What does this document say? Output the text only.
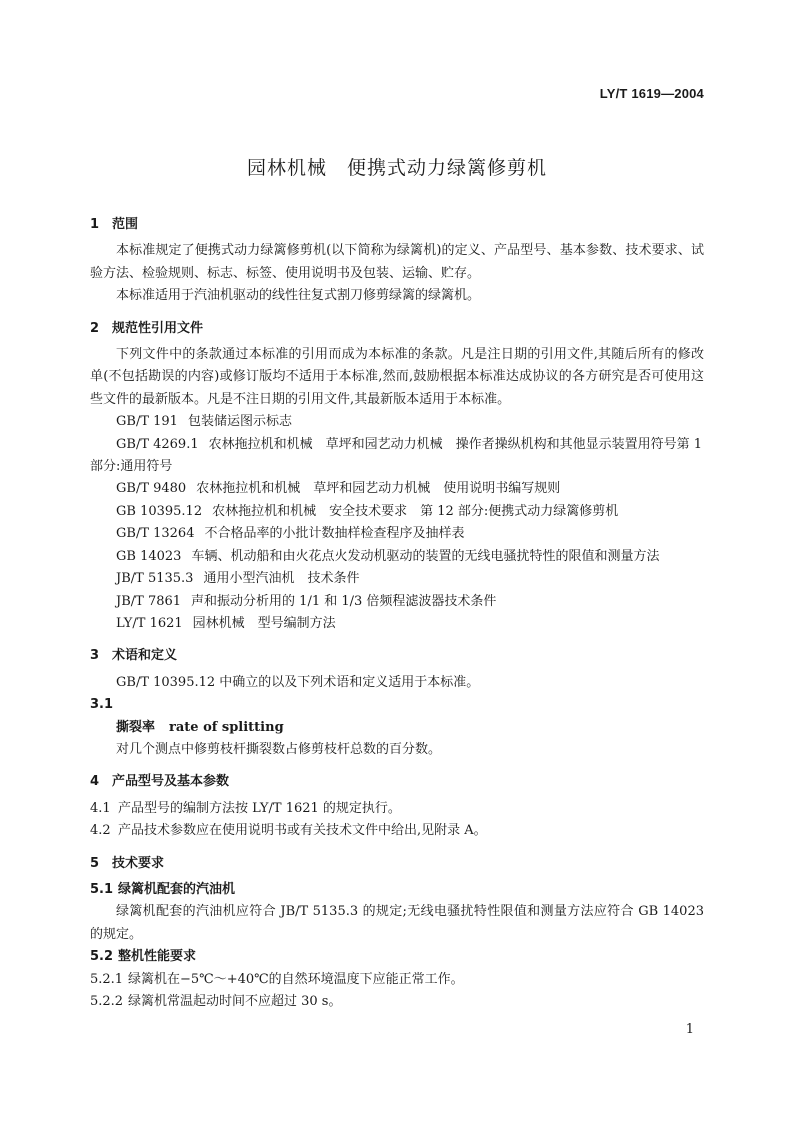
LY/T 1619—2004
园林机械 便携式动力绿篱修剪机
1 范围
本标准规定了便携式动力绿篱修剪机(以下简称为绿篱机)的定义、产品型号、基本参数、技术要求、试验方法、检验规则、标志、标签、使用说明书及包装、运输、贮存。
本标准适用于汽油机驱动的线性往复式割刀修剪绿篱的绿篱机。
2 规范性引用文件
下列文件中的条款通过本标准的引用而成为本标准的条款。凡是注日期的引用文件,其随后所有的修改单(不包括勘误的内容)或修订版均不适用于本标准,然而,鼓励根据本标准达成协议的各方研究是否可使用这些文件的最新版本。凡是不注日期的引用文件,其最新版本适用于本标准。
GB/T 191 包装储运图示标志
GB/T 4269.1 农林拖拉机和机械　草坪和园艺动力机械　操作者操纵机构和其他显示装置用符号第 1 部分:通用符号
GB/T 9480 农林拖拉机和机械　草坪和园艺动力机械　使用说明书编写规则
GB 10395.12 农林拖拉机和机械　安全技术要求　第 12 部分:便携式动力绿篱修剪机
GB/T 13264 不合格品率的小批计数抽样检查程序及抽样表
GB 14023 车辆、机动船和由火花点火发动机驱动的装置的无线电骚扰特性的限值和测量方法
JB/T 5135.3 通用小型汽油机　技术条件
JB/T 7861 声和振动分析用的 1/1 和 1/3 倍频程滤波器技术条件
LY/T 1621 园林机械　型号编制方法
3 术语和定义
GB/T 10395.12 中确立的以及下列术语和定义适用于本标准。
3.1
撕裂率 rate of splitting
对几个测点中修剪枝杆撕裂数占修剪枝杆总数的百分数。
4 产品型号及基本参数
4.1 产品型号的编制方法按 LY/T 1621 的规定执行。
4.2 产品技术参数应在使用说明书或有关技术文件中给出,见附录 A。
5 技术要求
5.1 绿篱机配套的汽油机
绿篱机配套的汽油机应符合 JB/T 5135.3 的规定;无线电骚扰特性限值和测量方法应符合 GB 14023的规定。
5.2 整机性能要求
5.2.1 绿篱机在−5℃～+40℃的自然环境温度下应能正常工作。
5.2.2 绿篱机常温起动时间不应超过 30 s。
1
